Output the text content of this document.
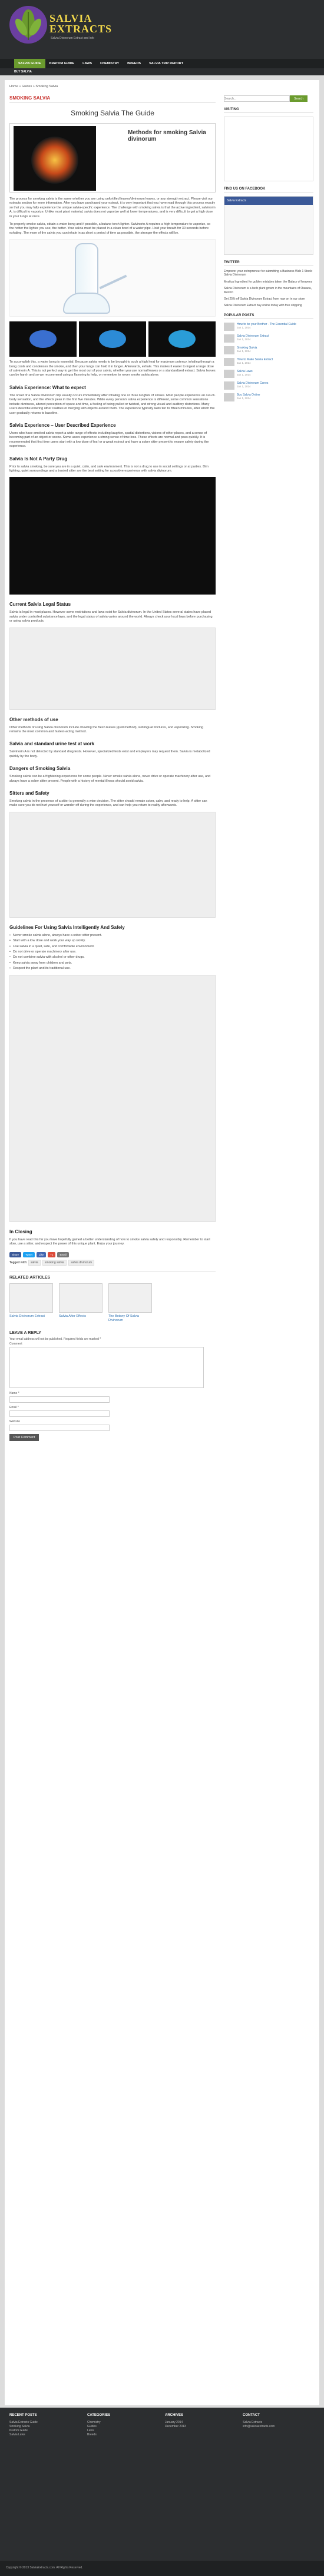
SALVIA
EXTRACTS
Salvia Divinorum Extract and Info
SALVIA GUIDE	KRATOM GUIDE	LAWS	CHEMISTRY	BREEDS	SALVIA TRIP REPORT
BUY SALVIA
Home » Guides » Smoking Salvia
SMOKING SALVIA
Smoking Salvia The Guide
Methods for smoking Salvia divinorum

The process for smoking salvia is the same whether you are using unfortified leaves/divinorum leaves, or any strength extract. Please visit our extracts section for more information. After you have purchased your extract, it is very important that you have read through this process exactly so that you may fully experience the unique salvia-specific experience. The challenge with smoking salvia is that the active ingredient, salvinorin A, is difficult to vaporize. Unlike most plant material, salvia does not vaporize well at lower temperatures, and is very difficult to get a high dose in your lungs at once.

To properly smoke salvia, obtain a water bong and if possible, a butane torch lighter. Salvinorin A requires a high temperature to vaporize, so the hotter the lighter you use, the better. Your salvia must be placed in a clean bowl of a water pipe. Hold your breath for 30 seconds before exhaling. The more of the salvia you can inhale in as short a period of time as possible, the stronger the effects will be.

To accomplish this, a water bong is essential. Because salvia needs to be brought to such a high heat for maximum potency, inhaling through a bong cools and condenses the smoke, and then your lungs can hold it in longer. Afterwards, exhale. This makes it easier to ingest a large dose of salvinorin A. This is not perfect way to get the most out of your salvia, whether you use normal leaves or a standardized extract. Salvia leaves can be harsh and so we recommend using a flavoring to help, or remember to never smoke salvia alone.

Salvia Experience: What to expect

The onset of a Salvia Divinorum trip usually occurs immediately after inhaling one or three lungfuls of smoke. Most people experience an out-of-body sensation, and the effects peak in the first five minutes. While every person's salvia experience is different, some common sensations include dizziness, altered perception of space and time, a feeling of being pulled or twisted, and strong visual and auditory distortions. Many users describe entering other realities or merging with objects around them. The experience typically lasts ten to fifteen minutes, after which the user gradually returns to baseline.

Salvia Experience – User Described Experience

Users who have smoked salvia report a wide range of effects including laughter, spatial distortions, visions of other places, and a sense of becoming part of an object or scene. Some users experience a strong sense of time loss. These effects are normal and pass quickly. It is recommended that first time users start with a low dose of leaf or a weak extract and have a sober sitter present to ensure safety during the experience.

Salvia Is Not A Party Drug

Prior to salvia smoking, be sure you are in a quiet, calm, and safe environment. This is not a drug to use in social settings or at parties. Dim lighting, quiet surroundings and a trusted sitter are the best setting for a positive experience with salvia divinorum.

Current Salvia Legal Status

Salvia is legal in most places. However some restrictions and laws exist for Salvia divinorum. In the United States several states have placed salvia under controlled substance laws, and the legal status of salvia varies around the world. Always check your local laws before purchasing or using salvia products.

Other methods of use

Other methods of using Salvia divinorum include chewing the fresh leaves (quid method), sublingual tinctures, and vaporizing. Smoking remains the most common and fastest-acting method.

Salvia and standard urine test at work

Salvinorin A is not detected by standard drug tests. However, specialized tests exist and employers may request them. Salvia is metabolized quickly by the body.

Dangers of Smoking Salvia

Smoking salvia can be a frightening experience for some people. Never smoke salvia alone, never drive or operate machinery after use, and always have a sober sitter present. People with a history of mental illness should avoid salvia.

Sitters and Safety

Smoking salvia in the presence of a sitter is generally a wise decision. The sitter should remain sober, calm, and ready to help. A sitter can make sure you do not hurt yourself or wander off during the experience, and can help you return to reality afterwards.

Guidelines For Using Salvia Intelligently And Safely
• Never smoke salvia alone, always have a sober sitter present.
• Start with a low dose and work your way up slowly.
• Use salvia in a quiet, safe, and comfortable environment.
• Do not drive or operate machinery after use.
• Do not combine salvia with alcohol or other drugs.
• Keep salvia away from children and pets.
• Respect the plant and its traditional use.
In Closing

If you have read this far you have hopefully gained a better understanding of how to smoke salvia safely and responsibly. Remember to start slow, use a sitter, and respect the power of this unique plant. Enjoy your journey.

Share	Tweet	Like	+1	Email
Tagged with: salvia smoking salvia salvia divinorum
RELATED ARTICLES
Salvia Divinorum Extract	Salvia After Effects	The Botany Of Salvia Divinorum
LEAVE A REPLY
Your email address will not be published. Required fields are marked *
Comment
Name *
Email *
Website
Post Comment
Search...
Search
VISITING
FIND US ON FACEBOOK
Salvia Extracts
TWITTER
Empower your entrepreneur for submitting a Business Web 1 Stock: Salvia Divinorum
Mystica Ingredient for golden mistakes taken the Galaxy of heavens
Salvia Divinorum is a herb plant grown in the mountains of Oaxaca, Mexico
Get 25% off Salvia Divinorum Extract from now on in our store
Salvia Divinorum Extract buy online today with free shipping
POPULAR POSTS
How to be your Brother - The Essential Guide
Jan 1, 2014
Salvia Divinorum Extract
Jan 1, 2014
Smoking Salvia
Jan 1, 2014
How to Make Salvia Extract
Jan 1, 2014
Salvia Laws
Jan 1, 2014
Salvia Divinorum Cones
Jan 1, 2014
Buy Salvia Online
Jan 1, 2014
RECENT POSTS
Salvia Extracts Guide
Smoking Salvia
Kratom Guide
Salvia Laws
CATEGORIES
Chemistry
Guides
Laws
Breeds
ARCHIVES
January 2014
December 2013
CONTACT
Salvia Extracts
info@salviaextracts.com
Copyright © 2013 SalviaExtracts.com. All Rights Reserved.
